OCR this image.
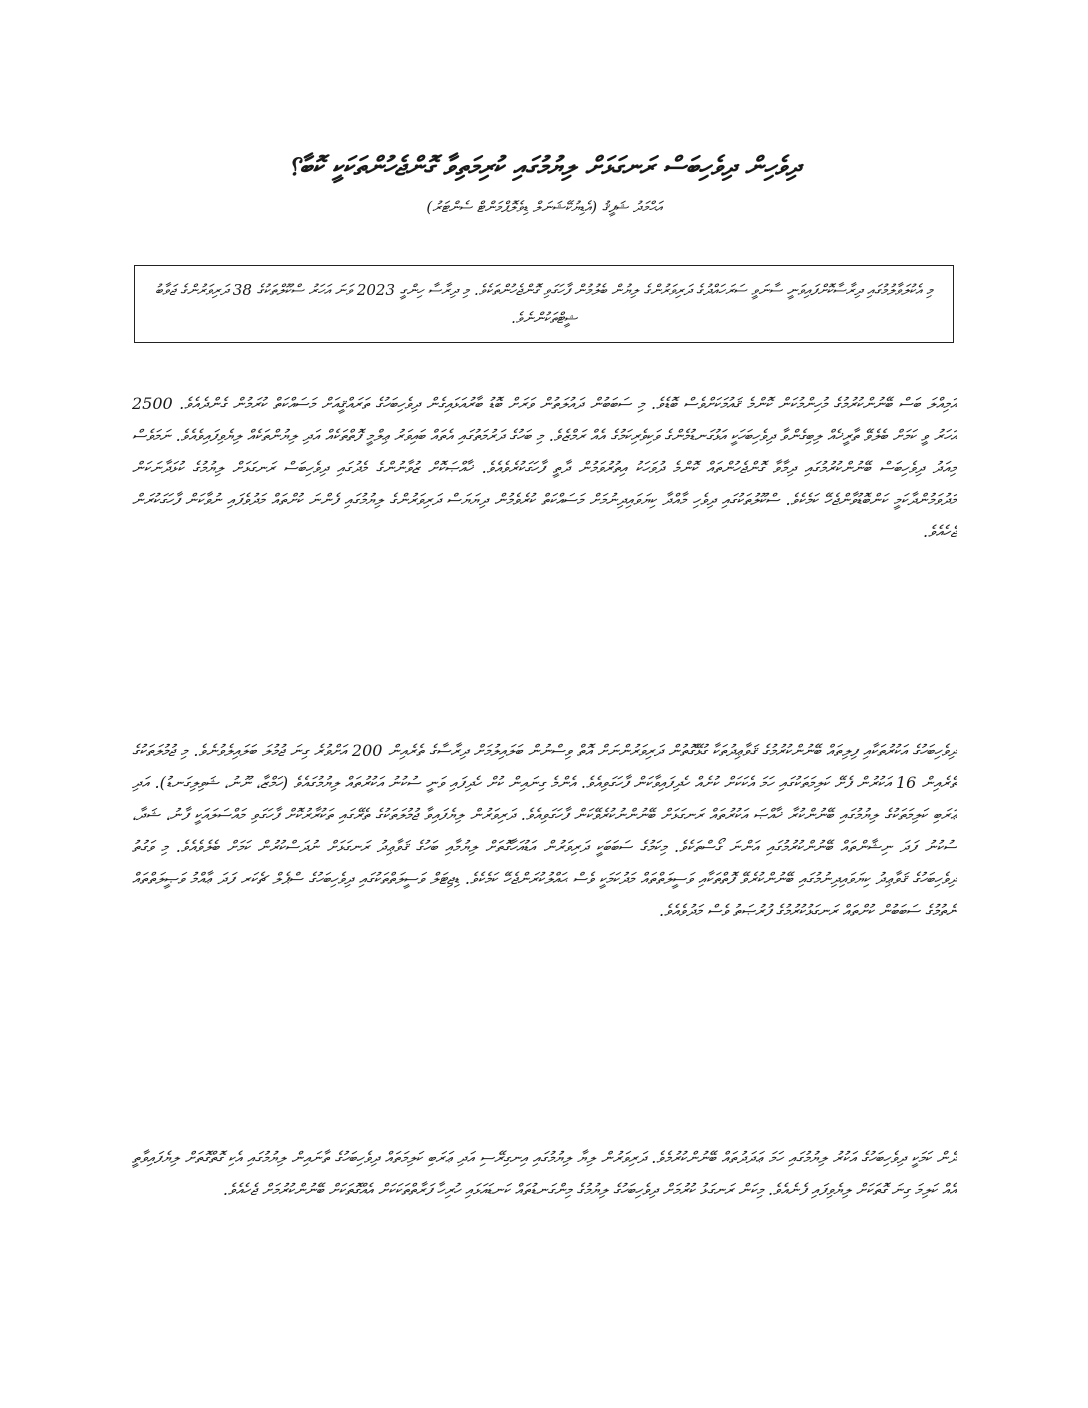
ދިވެހިން ދިވެހިބަސް ރަނގަޅަށް ލިޔުމުގައި ކުރިމަތިވާ ގޮންޖެހުންތަކަކީ ކޮބާ؟
އަޙްމަދު ޝަފީޤު (އެޑިޔުކޭޝަނަލް ޑިވެލޮޕްމަންޓް ސެންޓަރު)
މި އެކުލަވާލުމުގައި ދިރާސާކޮށްފައިވަނީ ސާނަވީ ސަރަހައްދުގެ ދަރިވަރުންގެ ލިޔުން ބެލުމުން ފާހަގަވި ގޮންޖެހުންތަކެވެ. މި ދިރާސާ ހިންގީ 2023 ވަނަ އަހަރު ސްކޫލްތަކުގެ 38 ދަރިވަރުންގެ ޖަވާބު ޝީޓްތަކުންނެވެ.
އަމިއްލަ ބަސް ބޭނުންކުރުމުގެ މުހިންމުކަން ކޮންމެ ޤައުމަކަށްވެސް ބޮޑެވެ. މި ސަބަބުން ދައުލަތުން ވަރަށް ބޮޑު ބާރުއަޅައިގެން ދިވެހިބަހުގެ ތަރައްޤީއަށް މަސައްކަތް ކުރަމުން ގެންދެއެވެ. 2500 އަހަރު ވީ ކަމަށް ބެލެވޭ ތާރީޚެއް ލިބިގެންވާ ދިވެހިބަހަކީ އަޅުގަނޑުމެންގެ ވަކިވެރިކަމުގެ އެއް ރަމްޒެވެ. މި ބަހުގެ ދަރުމަތުގައި އެތައް ބައިވަރު ޢިލްމީ ފޮތްތަކެއް އަދި ލިޔުންތަކެއް ލިޔެވިފައިވެއެވެ. ނަމަވެސް މިއަދު ދިވެހިބަސް ބޭނުންކުރުމުގައި ދިމާވާ ގޮންޖެހުންތައް ކޮންމެ ދުވަހަކު އިތުރުވަމުން ދާތީ ފާހަގަކުރެވެއެވެ. ޚާއްޞަކޮށް ޒުވާނުންގެ މެދުގައި ދިވެހިބަސް ރަނގަޅަށް ލިޔުމުގެ ކުޅަދާނަކަން މަދުވަމުންދާކަމީ ކަންބޮޑުވާންޖެހޭ ކަމެކެވެ. ސްކޫލުތަކުގައި ދިވެހި މާއްދާ ކިޔަވައިދިނުމަށް މަސައްކަތް ކުރެވެމުން ދިޔަޔަސް ދަރިވަރުންގެ ލިޔުމުގައި ފެންނަ ކުށްތައް މަދުވެފައި ނުވާކަން ފާހަގަކުރަން ޖެހެއެވެ.
ދިވެހިބަހުގެ އަކުރުތަކާއި ފިލިތައް ބޭނުންކުރުމުގެ ޤަވާޢިދުތަކާ ގުޅޭގޮތުން ދަރިވަރުންނަށް އޮތް ވިސްނުން ބަލައިލުމަށް ދިރާސާގެ ތެރެއިން 200 އަށްވުރެ ގިނަ ޖުމުލަ ބަލައިލެވުނެވެ. މި ޖުމުލަތަކުގެ ތެރެއިން 16 އަކުރުން ފެށޭ ކަލިމަތަކުގައި ހަމަ އެކަކަށް ކުށެއް ހެދިފައިވާކަން ފާހަގަވިއެވެ. އެންމެ ގިނައިން ކުށް ހެދިފައި ވަނީ ސުކުނު އަކުރުތައް ލިޔުމުގައެވެ (ހަމްޒާ، ނޫނު، ޝަވިލިގަނޑު). އަދި ޢަރަބި ކަލިމަތަކުގެ ލިޔުމުގައި ބޭނުންކުރާ ޚާއްޞަ އަކުރުތައް ރަނގަޅަށް ބޭނުންނުކުރެވޭކަން ފާހަގަވިއެވެ. ދަރިވަރުން ލިޔެފައިވާ ޖުމުލަތަކުގެ ތެރޭގައި ތަކުރާރުކޮށް ފާހަގަވި މައްސަލައަކީ ފާނު، ޝަދާ، ސުކުނު ފަދަ ނިޝާންތައް ބޭނުންކުރުމުގައި އަންނަ ގޯސްތަކެވެ. މިކަމުގެ ސަބަބަކީ ދަރިވަރުން އަޑުއަހާގޮތަށް ލިޔުމާއި ބަހުގެ ޤަވާޢިދު ރަނގަޅަށް ނުދަސްކުރުން ކަމަށް ބެލެވެއެވެ. މި ވަގުތު ދިވެހިބަހުގެ ޤަވާޢިދު ކިޔަވައިދިނުމުގައި ބޭނުންކުރެވޭ ފޮތްތަކާއި ވަސީލަތްތައް މަދުކަމަކީ ވެސް ޙައްލުކުރަންޖެހޭ ކަމެކެވެ. ޑިޖިޓަލް ވަސީލަތްތަކުގައި ދިވެހިބަހުގެ ސްޕެލް ޗެކަރ ފަދަ ޢާއްމު ވަޞީލަތްތައް ނެތުމުގެ ސަބަބުން ކުށްތައް ރަނގަޅުކުރުމުގެ ފުރުޞަތު ވެސް މަދުވެއެވެ.
ދެން ކަމަކީ ދިވެހިބަހުގެ އަކުރު ލިޔުމުގައި ހަމަ ޢަދަދުތައް ބޭނުންކުރުމެވެ. ދަރިވަރުން ލިޔާ ލިޔުމުގައި އިނގިރޭސި އަދި ޢަރަބި ކަލިމަތައް ދިވެހިބަހުގެ ތާނައިން ލިޔުމުގައި އެކި ގޮތްގޮތަށް ލިޔެފައިވާތީ އެއް ކަލިމަ ގިނަ ގޮތަކަށް ލިޔެވިފައި ފެނެއެވެ. މިކަން ރަނގަޅު ކުރުމަށް ދިވެހިބަހުގެ ލިޔުމުގެ މިންގަނޑުތައް ކަނޑައަޅައި ހުރިހާ ފަރާތްތަކަކަށް އެއްގޮތަކަށް ބޭނުންކުރުމަށް ޖެހެއެވެ.
